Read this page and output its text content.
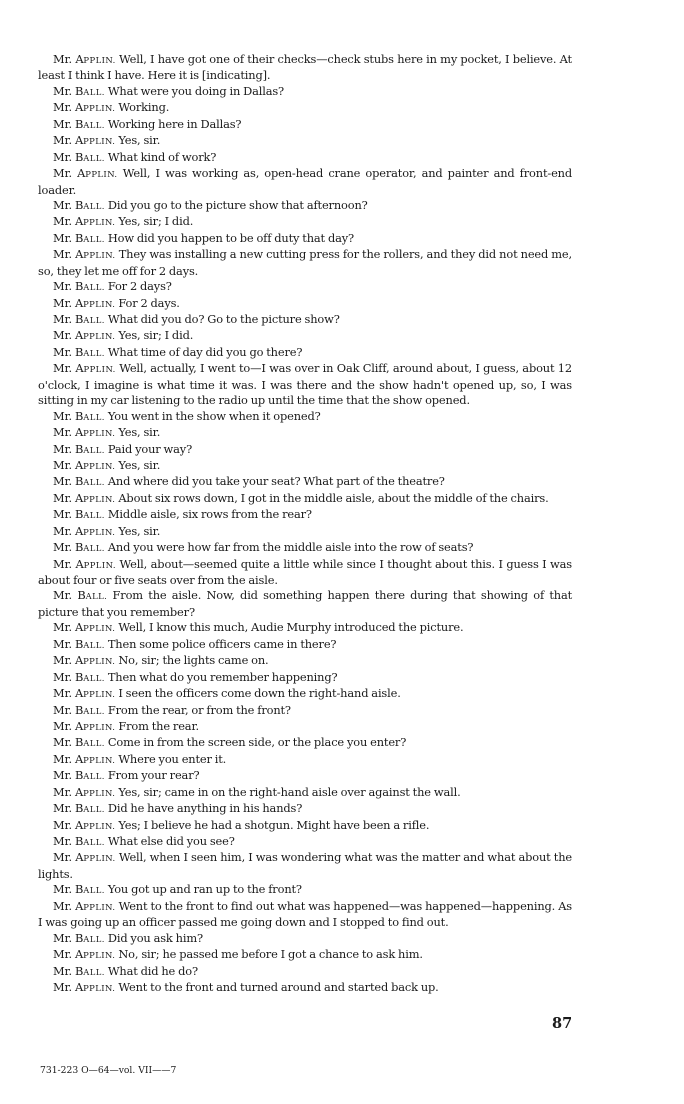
Mr. APPLIN. Well, I have got one of their checks—check stubs here in my pocket, I believe. At least I think I have. Here it is [indicating].

Mr. BALL. What were you doing in Dallas?

Mr. APPLIN. Working.

Mr. BALL. Working here in Dallas?

Mr. APPLIN. Yes, sir.

Mr. BALL. What kind of work?

Mr. APPLIN. Well, I was working as, open-head crane operator, and painter and front-end loader.

Mr. BALL. Did you go to the picture show that afternoon?

Mr. APPLIN. Yes, sir; I did.

Mr. BALL. How did you happen to be off duty that day?

Mr. APPLIN. They was installing a new cutting press for the rollers, and they did not need me, so, they let me off for 2 days.

Mr. BALL. For 2 days?

Mr. APPLIN. For 2 days.

Mr. BALL. What did you do? Go to the picture show?

Mr. APPLIN. Yes, sir; I did.

Mr. BALL. What time of day did you go there?

Mr. APPLIN. Well, actually, I went to—I was over in Oak Cliff, around about, I guess, about 12 o'clock, I imagine is what time it was. I was there and the show hadn't opened up, so, I was sitting in my car listening to the radio up until the time that the show opened.

Mr. BALL. You went in the show when it opened?

Mr. APPLIN. Yes, sir.

Mr. BALL. Paid your way?

Mr. APPLIN. Yes, sir.

Mr. BALL. And where did you take your seat? What part of the theatre?

Mr. APPLIN. About six rows down, I got in the middle aisle, about the middle of the chairs.

Mr. BALL. Middle aisle, six rows from the rear?

Mr. APPLIN. Yes, sir.

Mr. BALL. And you were how far from the middle aisle into the row of seats?

Mr. APPLIN. Well, about—seemed quite a little while since I thought about this. I guess I was about four or five seats over from the aisle.

Mr. BALL. From the aisle. Now, did something happen there during that showing of that picture that you remember?

Mr. APPLIN. Well, I know this much, Audie Murphy introduced the picture.

Mr. BALL. Then some police officers came in there?

Mr. APPLIN. No, sir; the lights came on.

Mr. BALL. Then what do you remember happening?

Mr. APPLIN. I seen the officers come down the right-hand aisle.

Mr. BALL. From the rear, or from the front?

Mr. APPLIN. From the rear.

Mr. BALL. Come in from the screen side, or the place you enter?

Mr. APPLIN. Where you enter it.

Mr. BALL. From your rear?

Mr. APPLIN. Yes, sir; came in on the right-hand aisle over against the wall.

Mr. BALL. Did he have anything in his hands?

Mr. APPLIN. Yes; I believe he had a shotgun. Might have been a rifle.

Mr. BALL. What else did you see?

Mr. APPLIN. Well, when I seen him, I was wondering what was the matter and what about the lights.

Mr. BALL. You got up and ran up to the front?

Mr. APPLIN. Went to the front to find out what was happened—was happened—happening. As I was going up an officer passed me going down and I stopped to find out.

Mr. BALL. Did you ask him?

Mr. APPLIN. No, sir; he passed me before I got a chance to ask him.

Mr. BALL. What did he do?

Mr. APPLIN. Went to the front and turned around and started back up.

87
731-223 O—64—vol. VII——7
